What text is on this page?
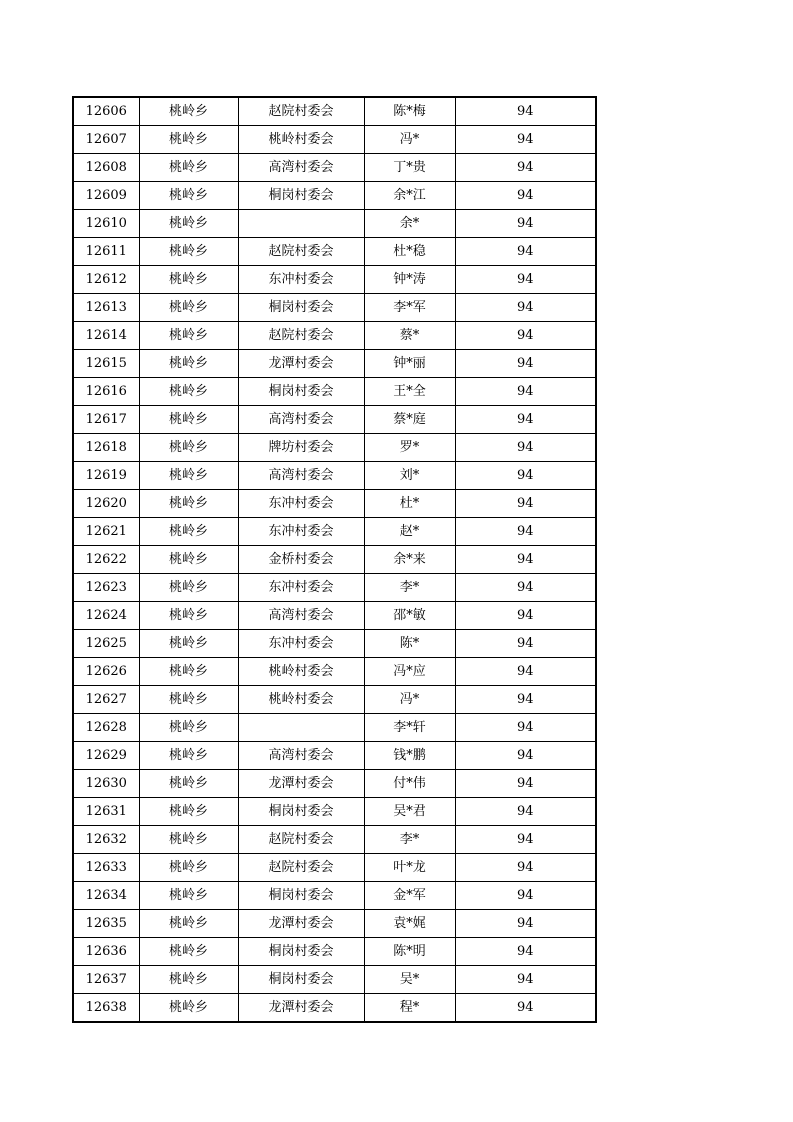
12606	桃岭乡	赵院村委会	陈*梅	94
12607	桃岭乡	桃岭村委会	冯*	94
12608	桃岭乡	高湾村委会	丁*贵	94
12609	桃岭乡	桐岗村委会	余*江	94
12610	桃岭乡		余*	94
12611	桃岭乡	赵院村委会	杜*稳	94
12612	桃岭乡	东冲村委会	钟*涛	94
12613	桃岭乡	桐岗村委会	李*军	94
12614	桃岭乡	赵院村委会	蔡*	94
12615	桃岭乡	龙潭村委会	钟*丽	94
12616	桃岭乡	桐岗村委会	王*全	94
12617	桃岭乡	高湾村委会	蔡*庭	94
12618	桃岭乡	牌坊村委会	罗*	94
12619	桃岭乡	高湾村委会	刘*	94
12620	桃岭乡	东冲村委会	杜*	94
12621	桃岭乡	东冲村委会	赵*	94
12622	桃岭乡	金桥村委会	余*来	94
12623	桃岭乡	东冲村委会	李*	94
12624	桃岭乡	高湾村委会	邵*敏	94
12625	桃岭乡	东冲村委会	陈*	94
12626	桃岭乡	桃岭村委会	冯*应	94
12627	桃岭乡	桃岭村委会	冯*	94
12628	桃岭乡		李*轩	94
12629	桃岭乡	高湾村委会	钱*鹏	94
12630	桃岭乡	龙潭村委会	付*伟	94
12631	桃岭乡	桐岗村委会	吴*君	94
12632	桃岭乡	赵院村委会	李*	94
12633	桃岭乡	赵院村委会	叶*龙	94
12634	桃岭乡	桐岗村委会	金*军	94
12635	桃岭乡	龙潭村委会	袁*娓	94
12636	桃岭乡	桐岗村委会	陈*明	94
12637	桃岭乡	桐岗村委会	吴*	94
12638	桃岭乡	龙潭村委会	程*	94
